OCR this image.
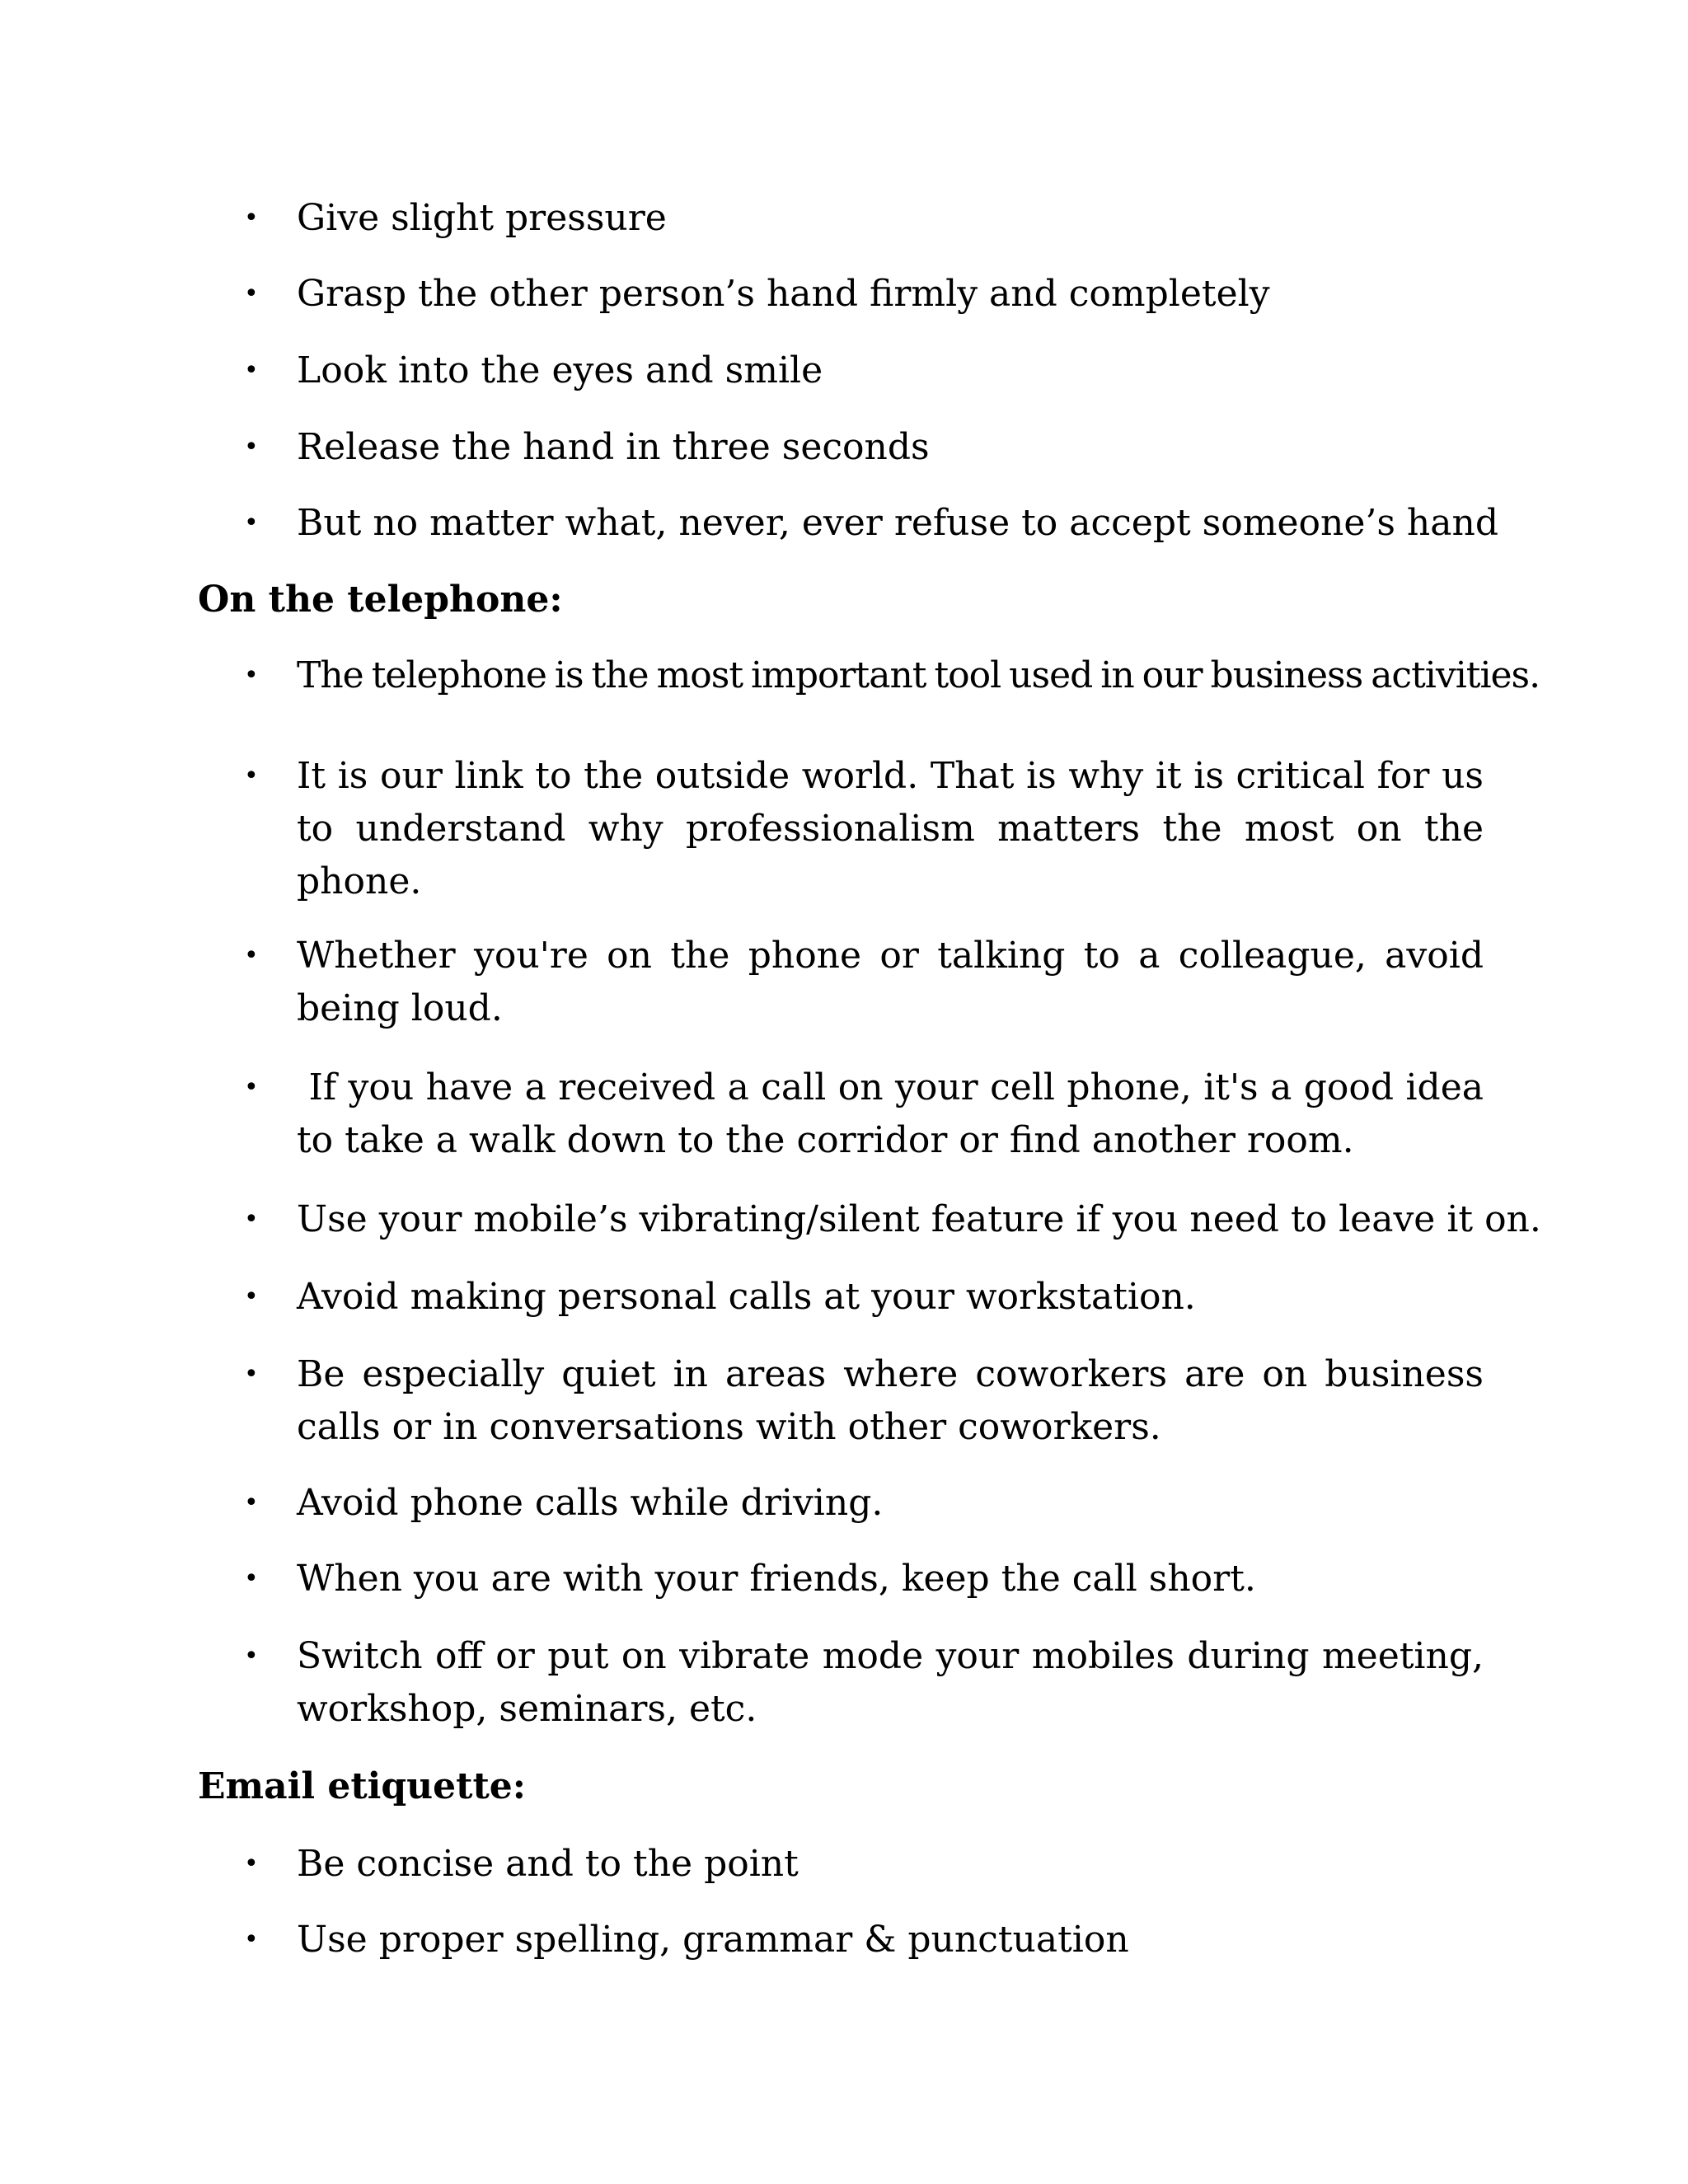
• Give slight pressure
• Grasp the other person’s hand firmly and completely
• Look into the eyes and smile
• Release the hand in three seconds
• But no matter what, never, ever refuse to accept someone’s hand
On the telephone:
• The telephone is the most important tool used in our business activities.
• It is our link to the outside world. That is why it is critical for us to understand why professionalism matters the most on the phone.
• Whether you're on the phone or talking to a colleague, avoid being loud.
• If you have a received a call on your cell phone, it's a good idea to take a walk down to the corridor or find another room.
• Use your mobile’s vibrating/silent feature if you need to leave it on.
• Avoid making personal calls at your workstation.
• Be especially quiet in areas where coworkers are on business calls or in conversations with other coworkers.
• Avoid phone calls while driving.
• When you are with your friends, keep the call short.
• Switch off or put on vibrate mode your mobiles during meeting, workshop, seminars, etc.
Email etiquette:
• Be concise and to the point
• Use proper spelling, grammar & punctuation
